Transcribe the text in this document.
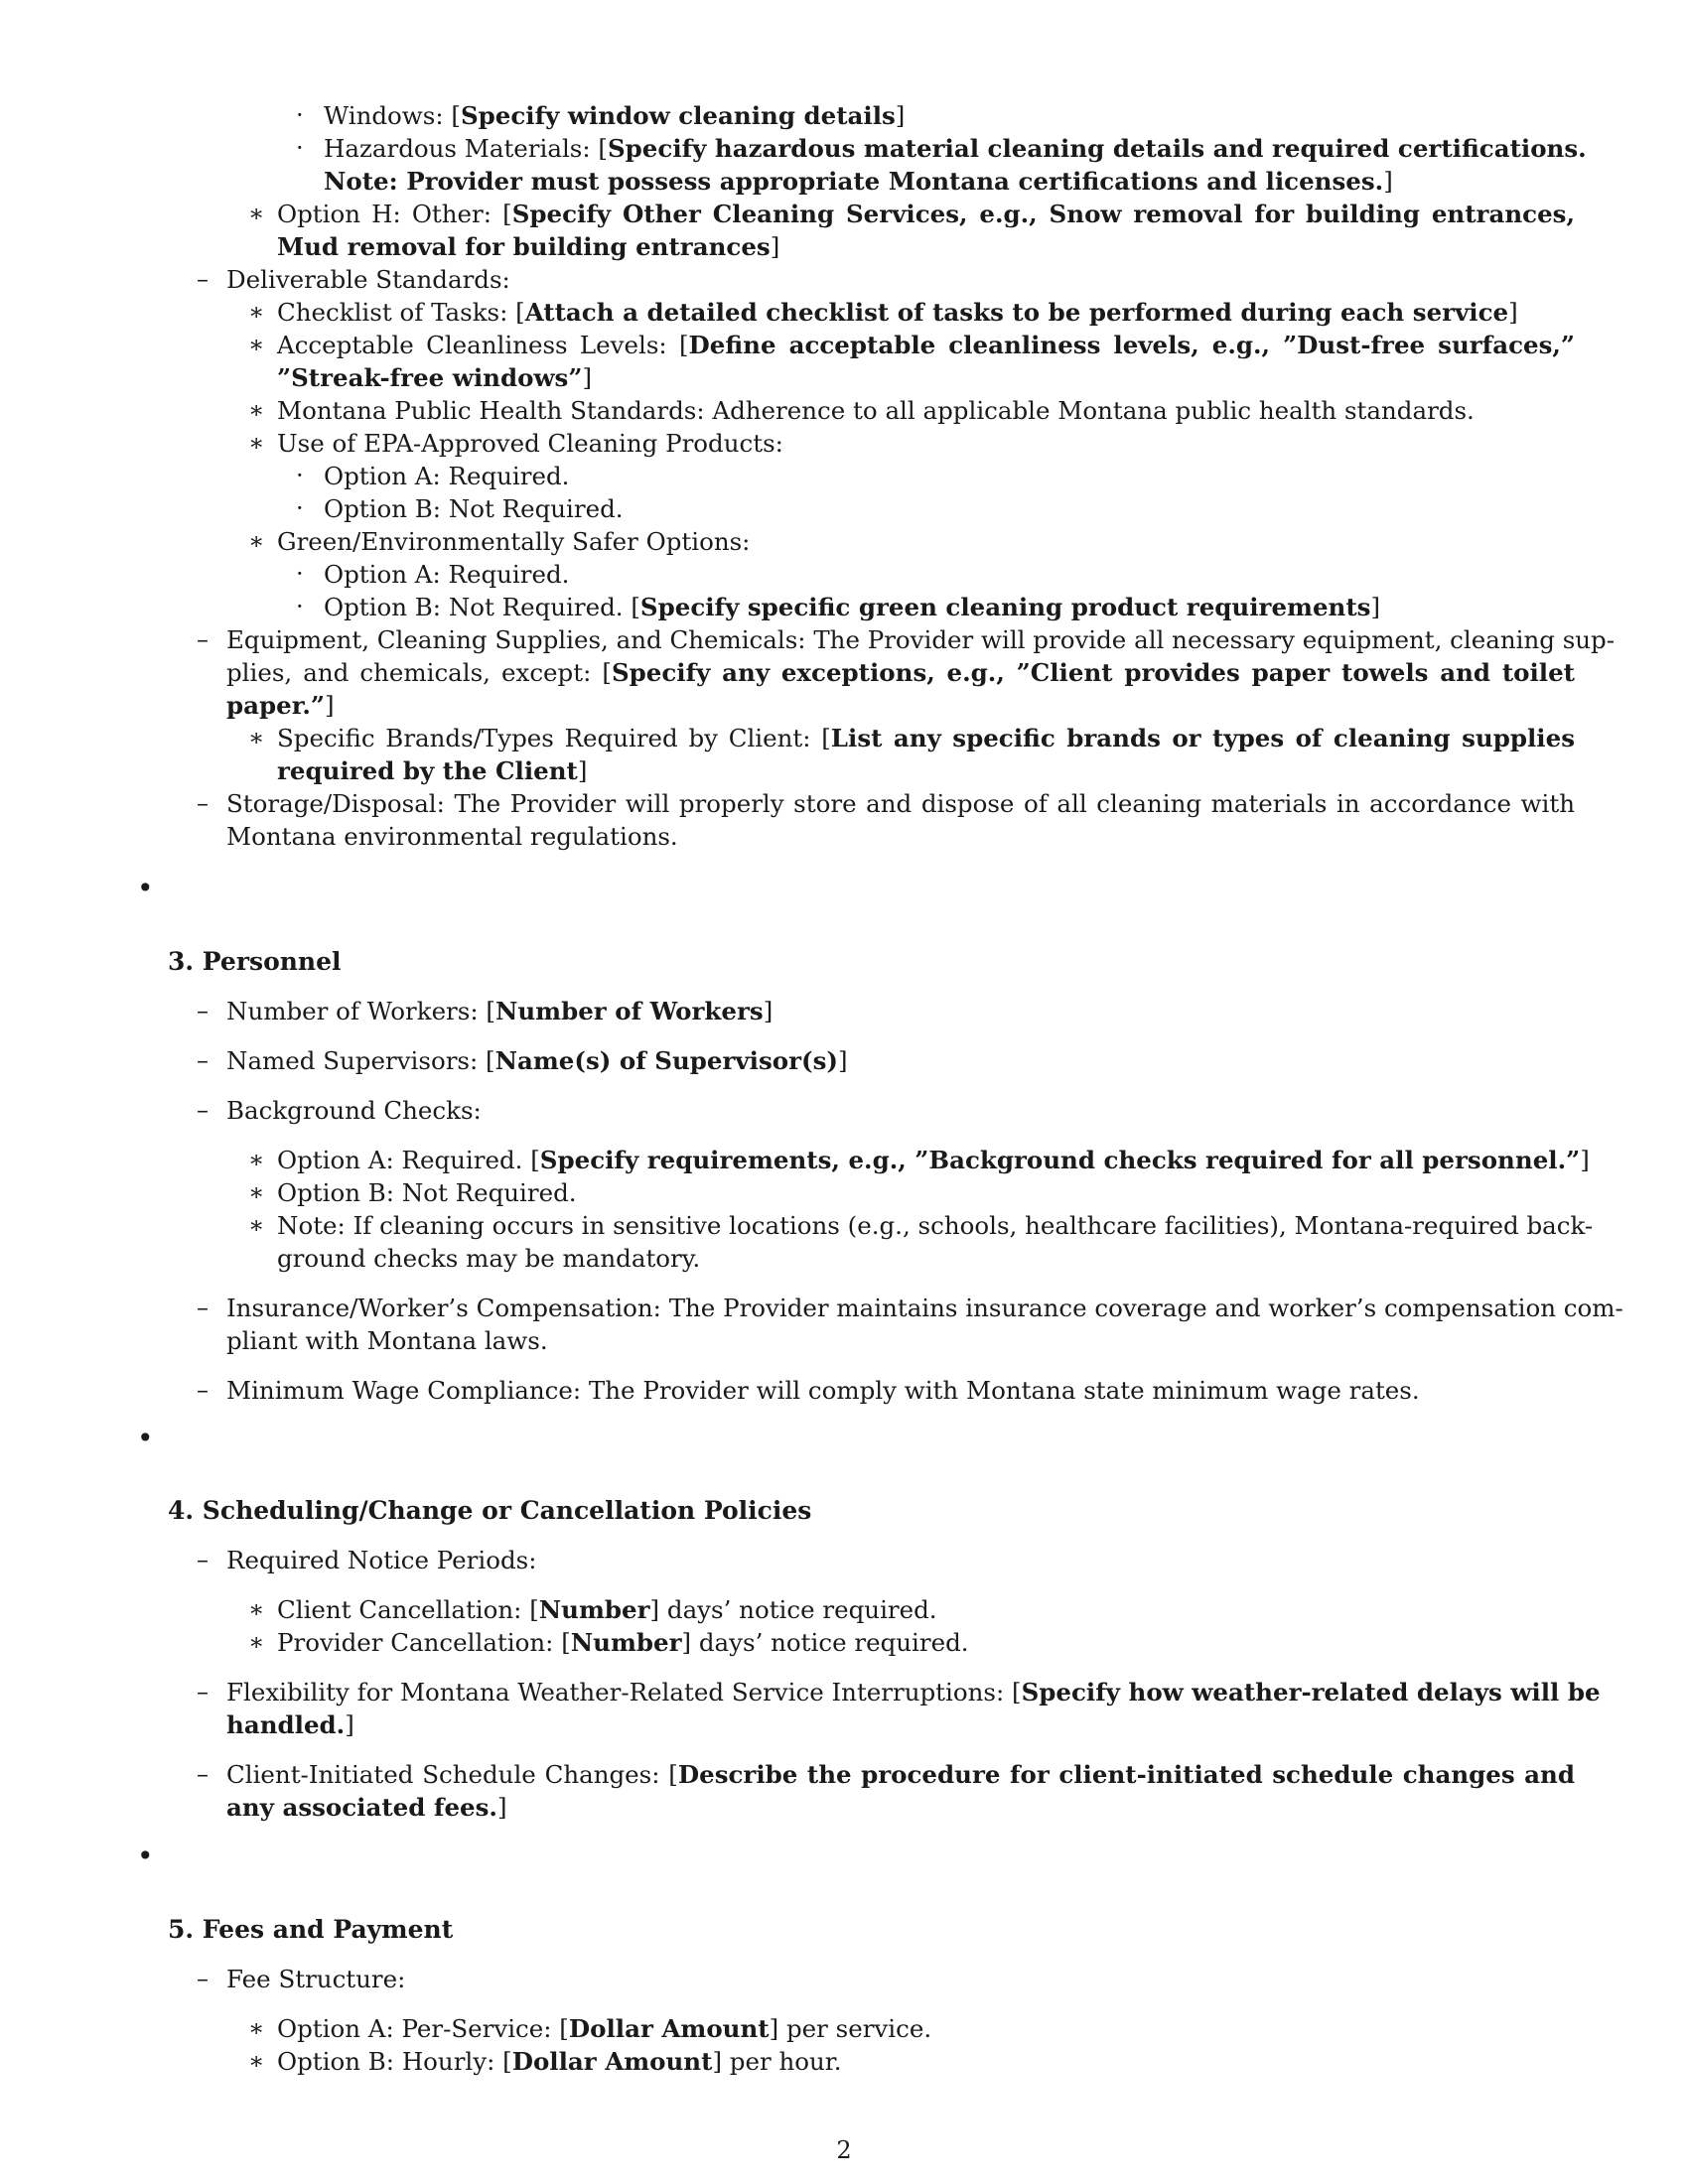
· Windows: [Specify window cleaning details]
· Hazardous Materials: [Specify hazardous material cleaning details and required certifications.
Note: Provider must possess appropriate Montana certifications and licenses.]
∗ Option H: Other: [Specify Other Cleaning Services, e.g., Snow removal for building entrances,
Mud removal for building entrances]
– Deliverable Standards:
∗ Checklist of Tasks: [Attach a detailed checklist of tasks to be performed during each service]
∗ Acceptable Cleanliness Levels: [Define acceptable cleanliness levels, e.g., ”Dust-free surfaces,”
”Streak-free windows”]
∗ Montana Public Health Standards: Adherence to all applicable Montana public health standards.
∗ Use of EPA-Approved Cleaning Products:
· Option A: Required.
· Option B: Not Required.
∗ Green/Environmentally Safer Options:
· Option A: Required.
· Option B: Not Required. [Specify specific green cleaning product requirements]
– Equipment, Cleaning Supplies, and Chemicals: The Provider will provide all necessary equipment, cleaning sup-
plies, and chemicals, except: [Specify any exceptions, e.g., ”Client provides paper towels and toilet
paper.”]
∗ Specific Brands/Types Required by Client: [List any specific brands or types of cleaning supplies
required by the Client]
– Storage/Disposal: The Provider will properly store and dispose of all cleaning materials in accordance with
Montana environmental regulations.
•
3. Personnel
– Number of Workers: [Number of Workers]
– Named Supervisors: [Name(s) of Supervisor(s)]
– Background Checks:
∗ Option A: Required. [Specify requirements, e.g., ”Background checks required for all personnel.”]
∗ Option B: Not Required.
∗ Note: If cleaning occurs in sensitive locations (e.g., schools, healthcare facilities), Montana-required back-
ground checks may be mandatory.
– Insurance/Worker’s Compensation: The Provider maintains insurance coverage and worker’s compensation com-
pliant with Montana laws.
– Minimum Wage Compliance: The Provider will comply with Montana state minimum wage rates.
•
4. Scheduling/Change or Cancellation Policies
– Required Notice Periods:
∗ Client Cancellation: [Number] days’ notice required.
∗ Provider Cancellation: [Number] days’ notice required.
– Flexibility for Montana Weather-Related Service Interruptions: [Specify how weather-related delays will be
handled.]
– Client-Initiated Schedule Changes: [Describe the procedure for client-initiated schedule changes and
any associated fees.]
•
5. Fees and Payment
– Fee Structure:
∗ Option A: Per-Service: [Dollar Amount] per service.
∗ Option B: Hourly: [Dollar Amount] per hour.
2
